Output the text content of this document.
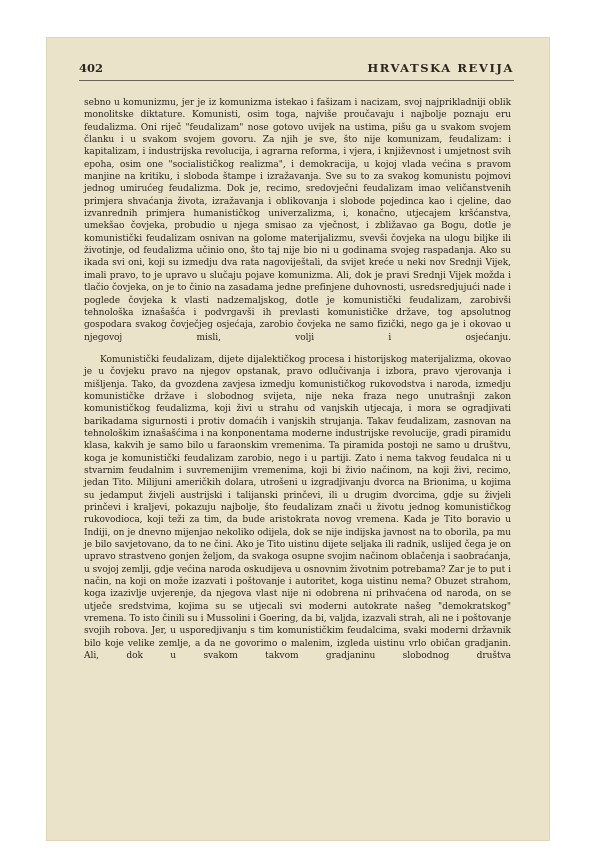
402	HRVATSKA REVIJA

sebno u komunizmu, jer je iz komunizma istekao i fašizam i nacizam, svoj najprikladniji oblik monolitske diktature. Komunisti, osim toga, najviše proučavaju i najbolje poznaju eru feudalizma. Oni riječ "feudalizam" nose gotovo uvijek na ustima, pišu ga u svakom svojem članku i u svakom svojem govoru. Za njih je sve, što nije komunizam, feudalizam: i kapitalizam, i industrijska revolucija, i agrarna reforma, i vjera, i književnost i umjetnost svih epoha, osim one "socialističkog realizma", i demokracija, u kojoj vlada većina s pravom manjine na kritiku, i sloboda štampe i izražavanja. Sve su to za svakog komunistu pojmovi jednog umirućeg feudalizma. Dok je, recimo, sredovječni feudalizam imao veličanstvenih primjera shvaćanja života, izražavanja i oblikovanja i slobode pojedinca kao i cjeline, dao izvanrednih primjera humanističkog univerzalizma, i, konačno, utjecajem kršćanstva, umekšao čovjeka, probudio u njega smisao za vječnost, i zbližavao ga Bogu, dotle je komunistički feudalizam osnivan na golome materijalizmu, svevši čovjeka na ulogu biljke ili životinje, od feudalizma učinio ono, što taj nije bio ni u godinama svojeg raspadanja. Ako su ikada svi oni, koji su izmedju dva rata nagoviještali, da svijet kreće u neki nov Srednji Vijek, imali pravo, to je upravo u slučaju pojave komunizma. Ali, dok je pravi Srednji Vijek možda i tlačio čovjeka, on je to činio na zasadama jedne prefinjene duhovnosti, usredsredjujući nade i poglede čovjeka k vlasti nadzemaljskog, dotle je komunistički feudalizam, zarobivši tehnološka iznašašća i podvrgavši ih prevlasti komunističke države, tog apsolutnog gospodara svakog čovječjeg osjećaja, zarobio čovjeka ne samo fizički, nego ga je i okovao u njegovoj misli, volji i osjećanju.

Komunistički feudalizam, dijete dijalektičkog procesa i historijskog materijalizma, okovao je u čovjeku pravo na njegov opstanak, pravo odlučivanja i izbora, pravo vjerovanja i mišljenja. Tako, da gvozdena zavjesa izmedju komunističkog rukovodstva i naroda, izmedju komunističke države i slobodnog svijeta, nije neka fraza nego unutrašnji zakon komunističkog feudalizma, koji živi u strahu od vanjskih utjecaja, i mora se ogradjivati barikadama sigurnosti i protiv domaćih i vanjskih strujanja. Takav feudalizam, zasnovan na tehnološkim iznašašćima i na konponentama moderne industrijske revolucije, gradi piramidu klasa, kakvih je samo bilo u faraonskim vremenima. Ta piramida postoji ne samo u društvu, koga je komunistički feudalizam zarobio, nego i u partiji. Zato i nema takvog feudalca ni u stvarnim feudalnim i suvremenijim vremenima, koji bi živio načinom, na koji živi, recimo, jedan Tito. Milijuni američkih dolara, utrošeni u izgradjivanju dvorca na Brionima, u kojima su jedamput živjeli austrijski i talijanski prinčevi, ili u drugim dvorcima, gdje su živjeli prinčevi i kraljevi, pokazuju najbolje, što feudalizam znači u životu jednog komunističkog rukovodioca, koji teži za tim, da bude aristokrata novog vremena. Kada je Tito boravio u Indiji, on je dnevno mijenjao nekoliko odijela, dok se nije indijska javnost na to oborila, pa mu je bilo savjetovano, da to ne čini. Ako je Tito uistinu dijete seljaka ili radnik, uslijed čega je on upravo strastveno gonjen željom, da svakoga osupne svojim načinom oblačenja i saobraćanja, u svojoj zemlji, gdje većina naroda oskudijeva u osnovnim životnim potrebama? Zar je to put i način, na koji on može izazvati i poštovanje i autoritet, koga uistinu nema? Obuzet strahom, koga izazivlje uvjerenje, da njegova vlast nije ni odobrena ni prihvaćena od naroda, on se utječe sredstvima, kojima su se utjecali svi moderni autokrate našeg "demokratskog" vremena. To isto činili su i Mussolini i Goering, da bi, valjda, izazvali strah, ali ne i poštovanje svojih robova. Jer, u usporedjivanju s tim komunističkim feudalcima, svaki moderni državnik bilo koje velike zemlje, a da ne govorimo o malenim, izgleda uistinu vrlo običan gradjanin. Ali, dok u svakom takvom gradjaninu slobodnog društva
